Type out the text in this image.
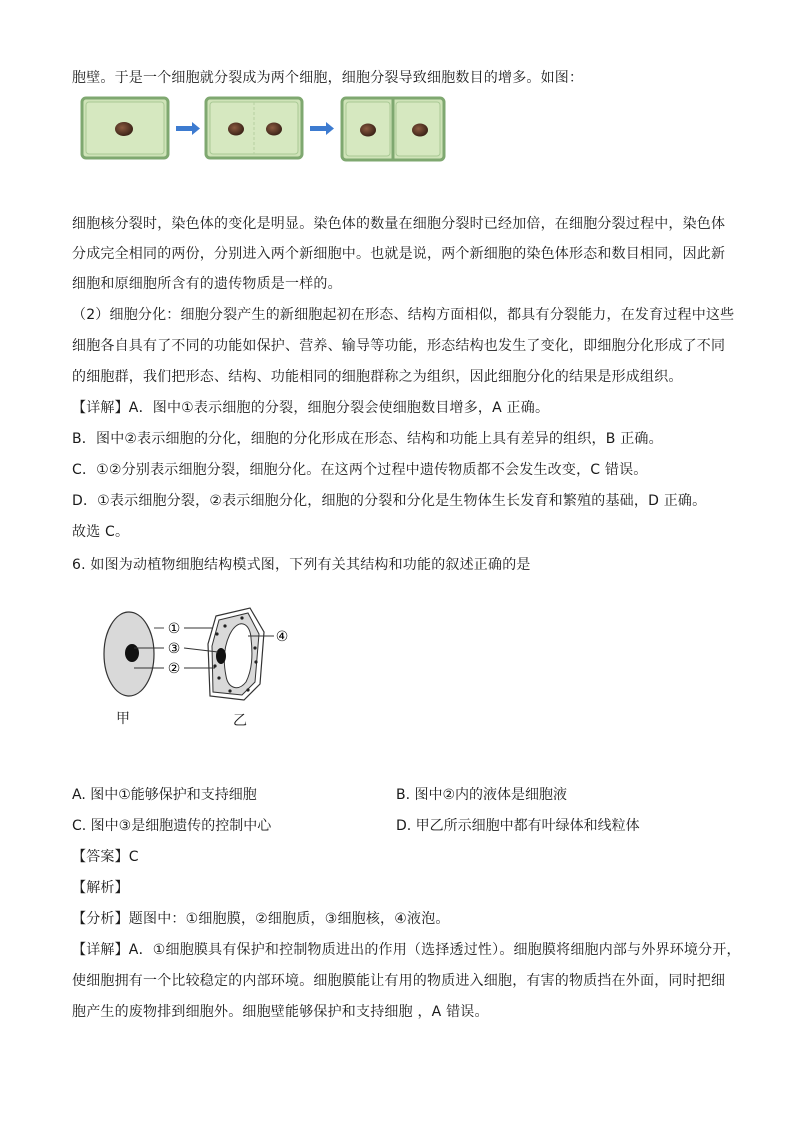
胞壁。于是一个细胞就分裂成为两个细胞，细胞分裂导致细胞数目的增多。如图：
细胞核分裂时，染色体的变化是明显。染色体的数量在细胞分裂时已经加倍，在细胞分裂过程中，染色体
分成完全相同的两份，分别进入两个新细胞中。也就是说，两个新细胞的染色体形态和数目相同，因此新
细胞和原细胞所含有的遗传物质是一样的。
（2）细胞分化：细胞分裂产生的新细胞起初在形态、结构方面相似，都具有分裂能力，在发育过程中这些
细胞各自具有了不同的功能如保护、营养、输导等功能，形态结构也发生了变化，即细胞分化形成了不同
的细胞群，我们把形态、结构、功能相同的细胞群称之为组织，因此细胞分化的结果是形成组织。
【详解】A．图中①表示细胞的分裂，细胞分裂会使细胞数目增多，A 正确。
B．图中②表示细胞的分化，细胞的分化形成在形态、结构和功能上具有差异的组织，B 正确。
C．①②分别表示细胞分裂，细胞分化。在这两个过程中遗传物质都不会发生改变，C 错误。
D．①表示细胞分裂，②表示细胞分化，细胞的分裂和分化是生物体生长发育和繁殖的基础，D 正确。
故选 C。
6. 如图为动植物细胞结构模式图，下列有关其结构和功能的叙述正确的是
①
③
②
④
甲	乙
A. 图中①能够保护和支持细胞	B. 图中②内的液体是细胞液
C. 图中③是细胞遗传的控制中心	D. 甲乙所示细胞中都有叶绿体和线粒体
【答案】C
【解析】
【分析】题图中：①细胞膜，②细胞质，③细胞核，④液泡。
【详解】A．①细胞膜具有保护和控制物质进出的作用（选择透过性）。细胞膜将细胞内部与外界环境分开，
使细胞拥有一个比较稳定的内部环境。细胞膜能让有用的物质进入细胞，有害的物质挡在外面，同时把细
胞产生的废物排到细胞外。细胞壁能够保护和支持细胞 ，A 错误。
